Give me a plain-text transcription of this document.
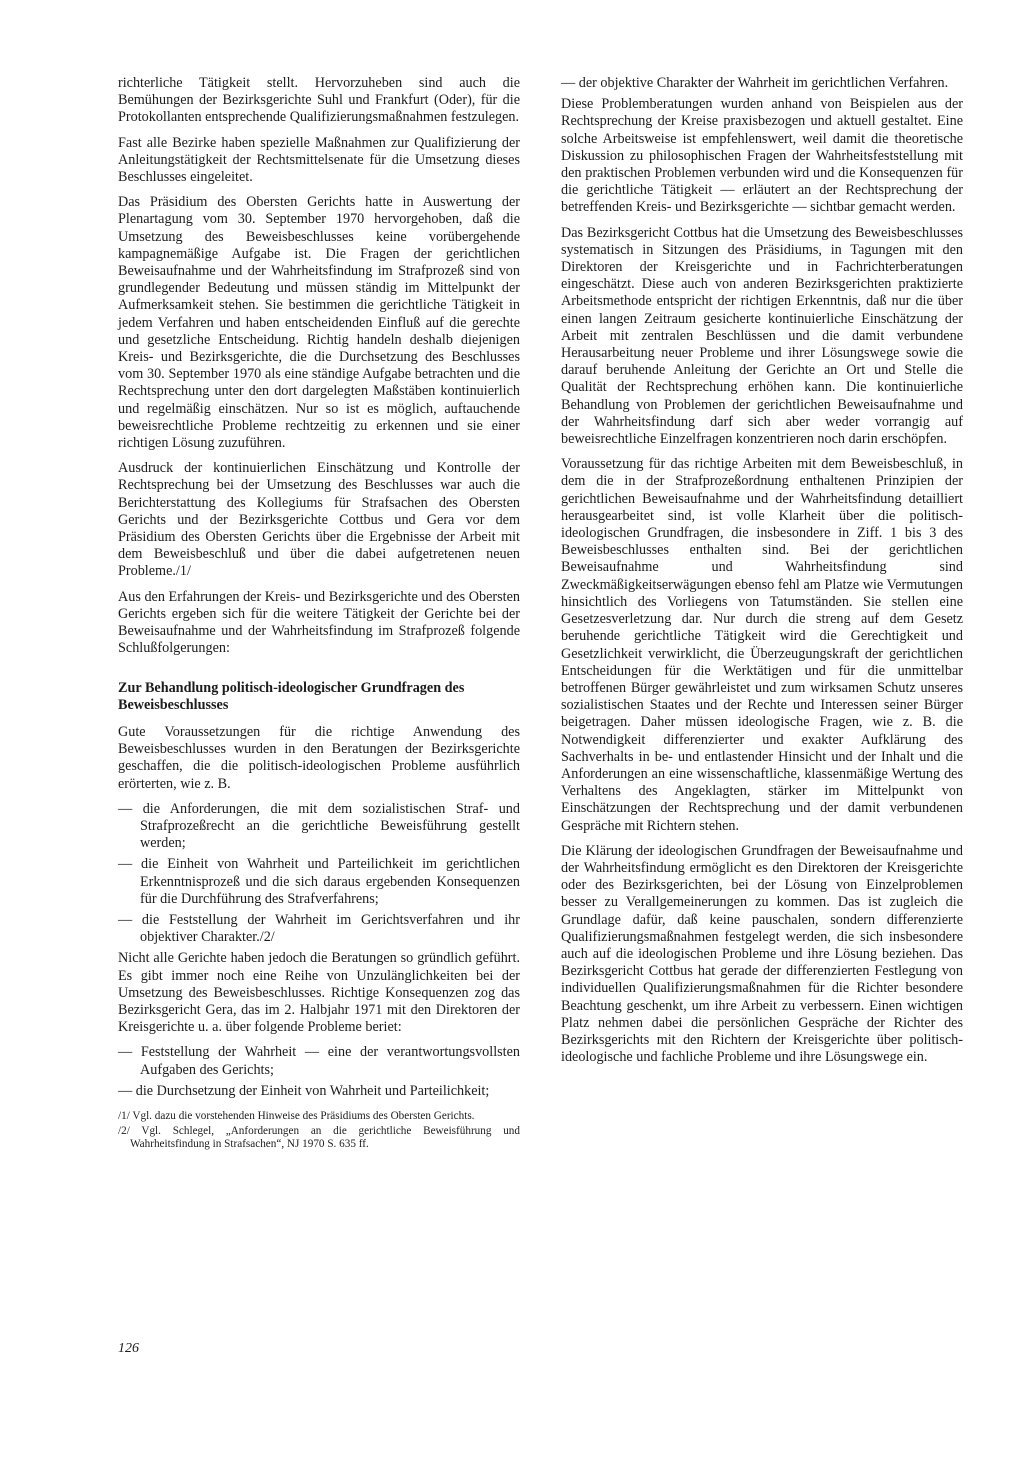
richterliche Tätigkeit stellt. Hervorzuheben sind auch die Bemühungen der Bezirksgerichte Suhl und Frankfurt (Oder), für die Protokollanten entsprechende Qualifizierungsmaßnahmen festzulegen.

Fast alle Bezirke haben spezielle Maßnahmen zur Qualifizierung der Anleitungstätigkeit der Rechtsmittelsenate für die Umsetzung dieses Beschlusses eingeleitet.

Das Präsidium des Obersten Gerichts hatte in Auswertung der Plenartagung vom 30. September 1970 hervorgehoben, daß die Umsetzung des Beweisbeschlusses keine vorübergehende kampagnemäßige Aufgabe ist. Die Fragen der gerichtlichen Beweisaufnahme und der Wahrheitsfindung im Strafprozeß sind von grundlegender Bedeutung und müssen ständig im Mittelpunkt der Aufmerksamkeit stehen. Sie bestimmen die gerichtliche Tätigkeit in jedem Verfahren und haben entscheidenden Einfluß auf die gerechte und gesetzliche Entscheidung. Richtig handeln deshalb diejenigen Kreis- und Bezirksgerichte, die die Durchsetzung des Beschlusses vom 30. September 1970 als eine ständige Aufgabe betrachten und die Rechtsprechung unter den dort dargelegten Maßstäben kontinuierlich und regelmäßig einschätzen. Nur so ist es möglich, auftauchende beweisrechtliche Probleme rechtzeitig zu erkennen und sie einer richtigen Lösung zuzuführen.

Ausdruck der kontinuierlichen Einschätzung und Kontrolle der Rechtsprechung bei der Umsetzung des Beschlusses war auch die Berichterstattung des Kollegiums für Strafsachen des Obersten Gerichts und der Bezirksgerichte Cottbus und Gera vor dem Präsidium des Obersten Gerichts über die Ergebnisse der Arbeit mit dem Beweisbeschluß und über die dabei aufgetretenen neuen Probleme./1/

Aus den Erfahrungen der Kreis- und Bezirksgerichte und des Obersten Gerichts ergeben sich für die weitere Tätigkeit der Gerichte bei der Beweisaufnahme und der Wahrheitsfindung im Strafprozeß folgende Schlußfolgerungen:

Zur Behandlung politisch-ideologischer Grundfragen des Beweisbeschlusses

Gute Voraussetzungen für die richtige Anwendung des Beweisbeschlusses wurden in den Beratungen der Bezirksgerichte geschaffen, die die politisch-ideologischen Probleme ausführlich erörterten, wie z. B.

— die Anforderungen, die mit dem sozialistischen Straf- und Strafprozeßrecht an die gerichtliche Beweisführung gestellt werden;

— die Einheit von Wahrheit und Parteilichkeit im gerichtlichen Erkenntnisprozeß und die sich daraus ergebenden Konsequenzen für die Durchführung des Strafverfahrens;

— die Feststellung der Wahrheit im Gerichtsverfahren und ihr objektiver Charakter./2/

Nicht alle Gerichte haben jedoch die Beratungen so gründlich geführt. Es gibt immer noch eine Reihe von Unzulänglichkeiten bei der Umsetzung des Beweisbeschlusses. Richtige Konsequenzen zog das Bezirksgericht Gera, das im 2. Halbjahr 1971 mit den Direktoren der Kreisgerichte u. a. über folgende Probleme beriet:

— Feststellung der Wahrheit — eine der verantwortungsvollsten Aufgaben des Gerichts;

— die Durchsetzung der Einheit von Wahrheit und Parteilichkeit;

/1/ Vgl. dazu die vorstehenden Hinweise des Präsidiums des Obersten Gerichts.

/2/ Vgl. Schlegel, „Anforderungen an die gerichtliche Beweisführung und Wahrheitsfindung in Strafsachen“, NJ 1970 S. 635 ff.

— der objektive Charakter der Wahrheit im gerichtlichen Verfahren.

Diese Problemberatungen wurden anhand von Beispielen aus der Rechtsprechung der Kreise praxisbezogen und aktuell gestaltet. Eine solche Arbeitsweise ist empfehlenswert, weil damit die theoretische Diskussion zu philosophischen Fragen der Wahrheitsfeststellung mit den praktischen Problemen verbunden wird und die Konsequenzen für die gerichtliche Tätigkeit — erläutert an der Rechtsprechung der betreffenden Kreis- und Bezirksgerichte — sichtbar gemacht werden.

Das Bezirksgericht Cottbus hat die Umsetzung des Beweisbeschlusses systematisch in Sitzungen des Präsidiums, in Tagungen mit den Direktoren der Kreisgerichte und in Fachrichterberatungen eingeschätzt. Diese auch von anderen Bezirksgerichten praktizierte Arbeitsmethode entspricht der richtigen Erkenntnis, daß nur die über einen langen Zeitraum gesicherte kontinuierliche Einschätzung der Arbeit mit zentralen Beschlüssen und die damit verbundene Herausarbeitung neuer Probleme und ihrer Lösungswege sowie die darauf beruhende Anleitung der Gerichte an Ort und Stelle die Qualität der Rechtsprechung erhöhen kann. Die kontinuierliche Behandlung von Problemen der gerichtlichen Beweisaufnahme und der Wahrheitsfindung darf sich aber weder vorrangig auf beweisrechtliche Einzelfragen konzentrieren noch darin erschöpfen.

Voraussetzung für das richtige Arbeiten mit dem Beweisbeschluß, in dem die in der Strafprozeßordnung enthaltenen Prinzipien der gerichtlichen Beweisaufnahme und der Wahrheitsfindung detailliert herausgearbeitet sind, ist volle Klarheit über die politisch-ideologischen Grundfragen, die insbesondere in Ziff. 1 bis 3 des Beweisbeschlusses enthalten sind. Bei der gerichtlichen Beweisaufnahme und Wahrheitsfindung sind Zweckmäßigkeitserwägungen ebenso fehl am Platze wie Vermutungen hinsichtlich des Vorliegens von Tatumständen. Sie stellen eine Gesetzesverletzung dar. Nur durch die streng auf dem Gesetz beruhende gerichtliche Tätigkeit wird die Gerechtigkeit und Gesetzlichkeit verwirklicht, die Überzeugungskraft der gerichtlichen Entscheidungen für die Werktätigen und für die unmittelbar betroffenen Bürger gewährleistet und zum wirksamen Schutz unseres sozialistischen Staates und der Rechte und Interessen seiner Bürger beigetragen. Daher müssen ideologische Fragen, wie z. B. die Notwendigkeit differenzierter und exakter Aufklärung des Sachverhalts in be- und entlastender Hinsicht und der Inhalt und die Anforderungen an eine wissenschaftliche, klassenmäßige Wertung des Verhaltens des Angeklagten, stärker im Mittelpunkt von Einschätzungen der Rechtsprechung und der damit verbundenen Gespräche mit Richtern stehen.

Die Klärung der ideologischen Grundfragen der Beweisaufnahme und der Wahrheitsfindung ermöglicht es den Direktoren der Kreisgerichte oder des Bezirksgerichten, bei der Lösung von Einzelproblemen besser zu Verallgemeinerungen zu kommen. Das ist zugleich die Grundlage dafür, daß keine pauschalen, sondern differenzierte Qualifizierungsmaßnahmen festgelegt werden, die sich insbesondere auch auf die ideologischen Probleme und ihre Lösung beziehen. Das Bezirksgericht Cottbus hat gerade der differenzierten Festlegung von individuellen Qualifizierungsmaßnahmen für die Richter besondere Beachtung geschenkt, um ihre Arbeit zu verbessern. Einen wichtigen Platz nehmen dabei die persönlichen Gespräche der Richter des Bezirksgerichts mit den Richtern der Kreisgerichte über politisch-ideologische und fachliche Probleme und ihre Lösungswege ein.

126
